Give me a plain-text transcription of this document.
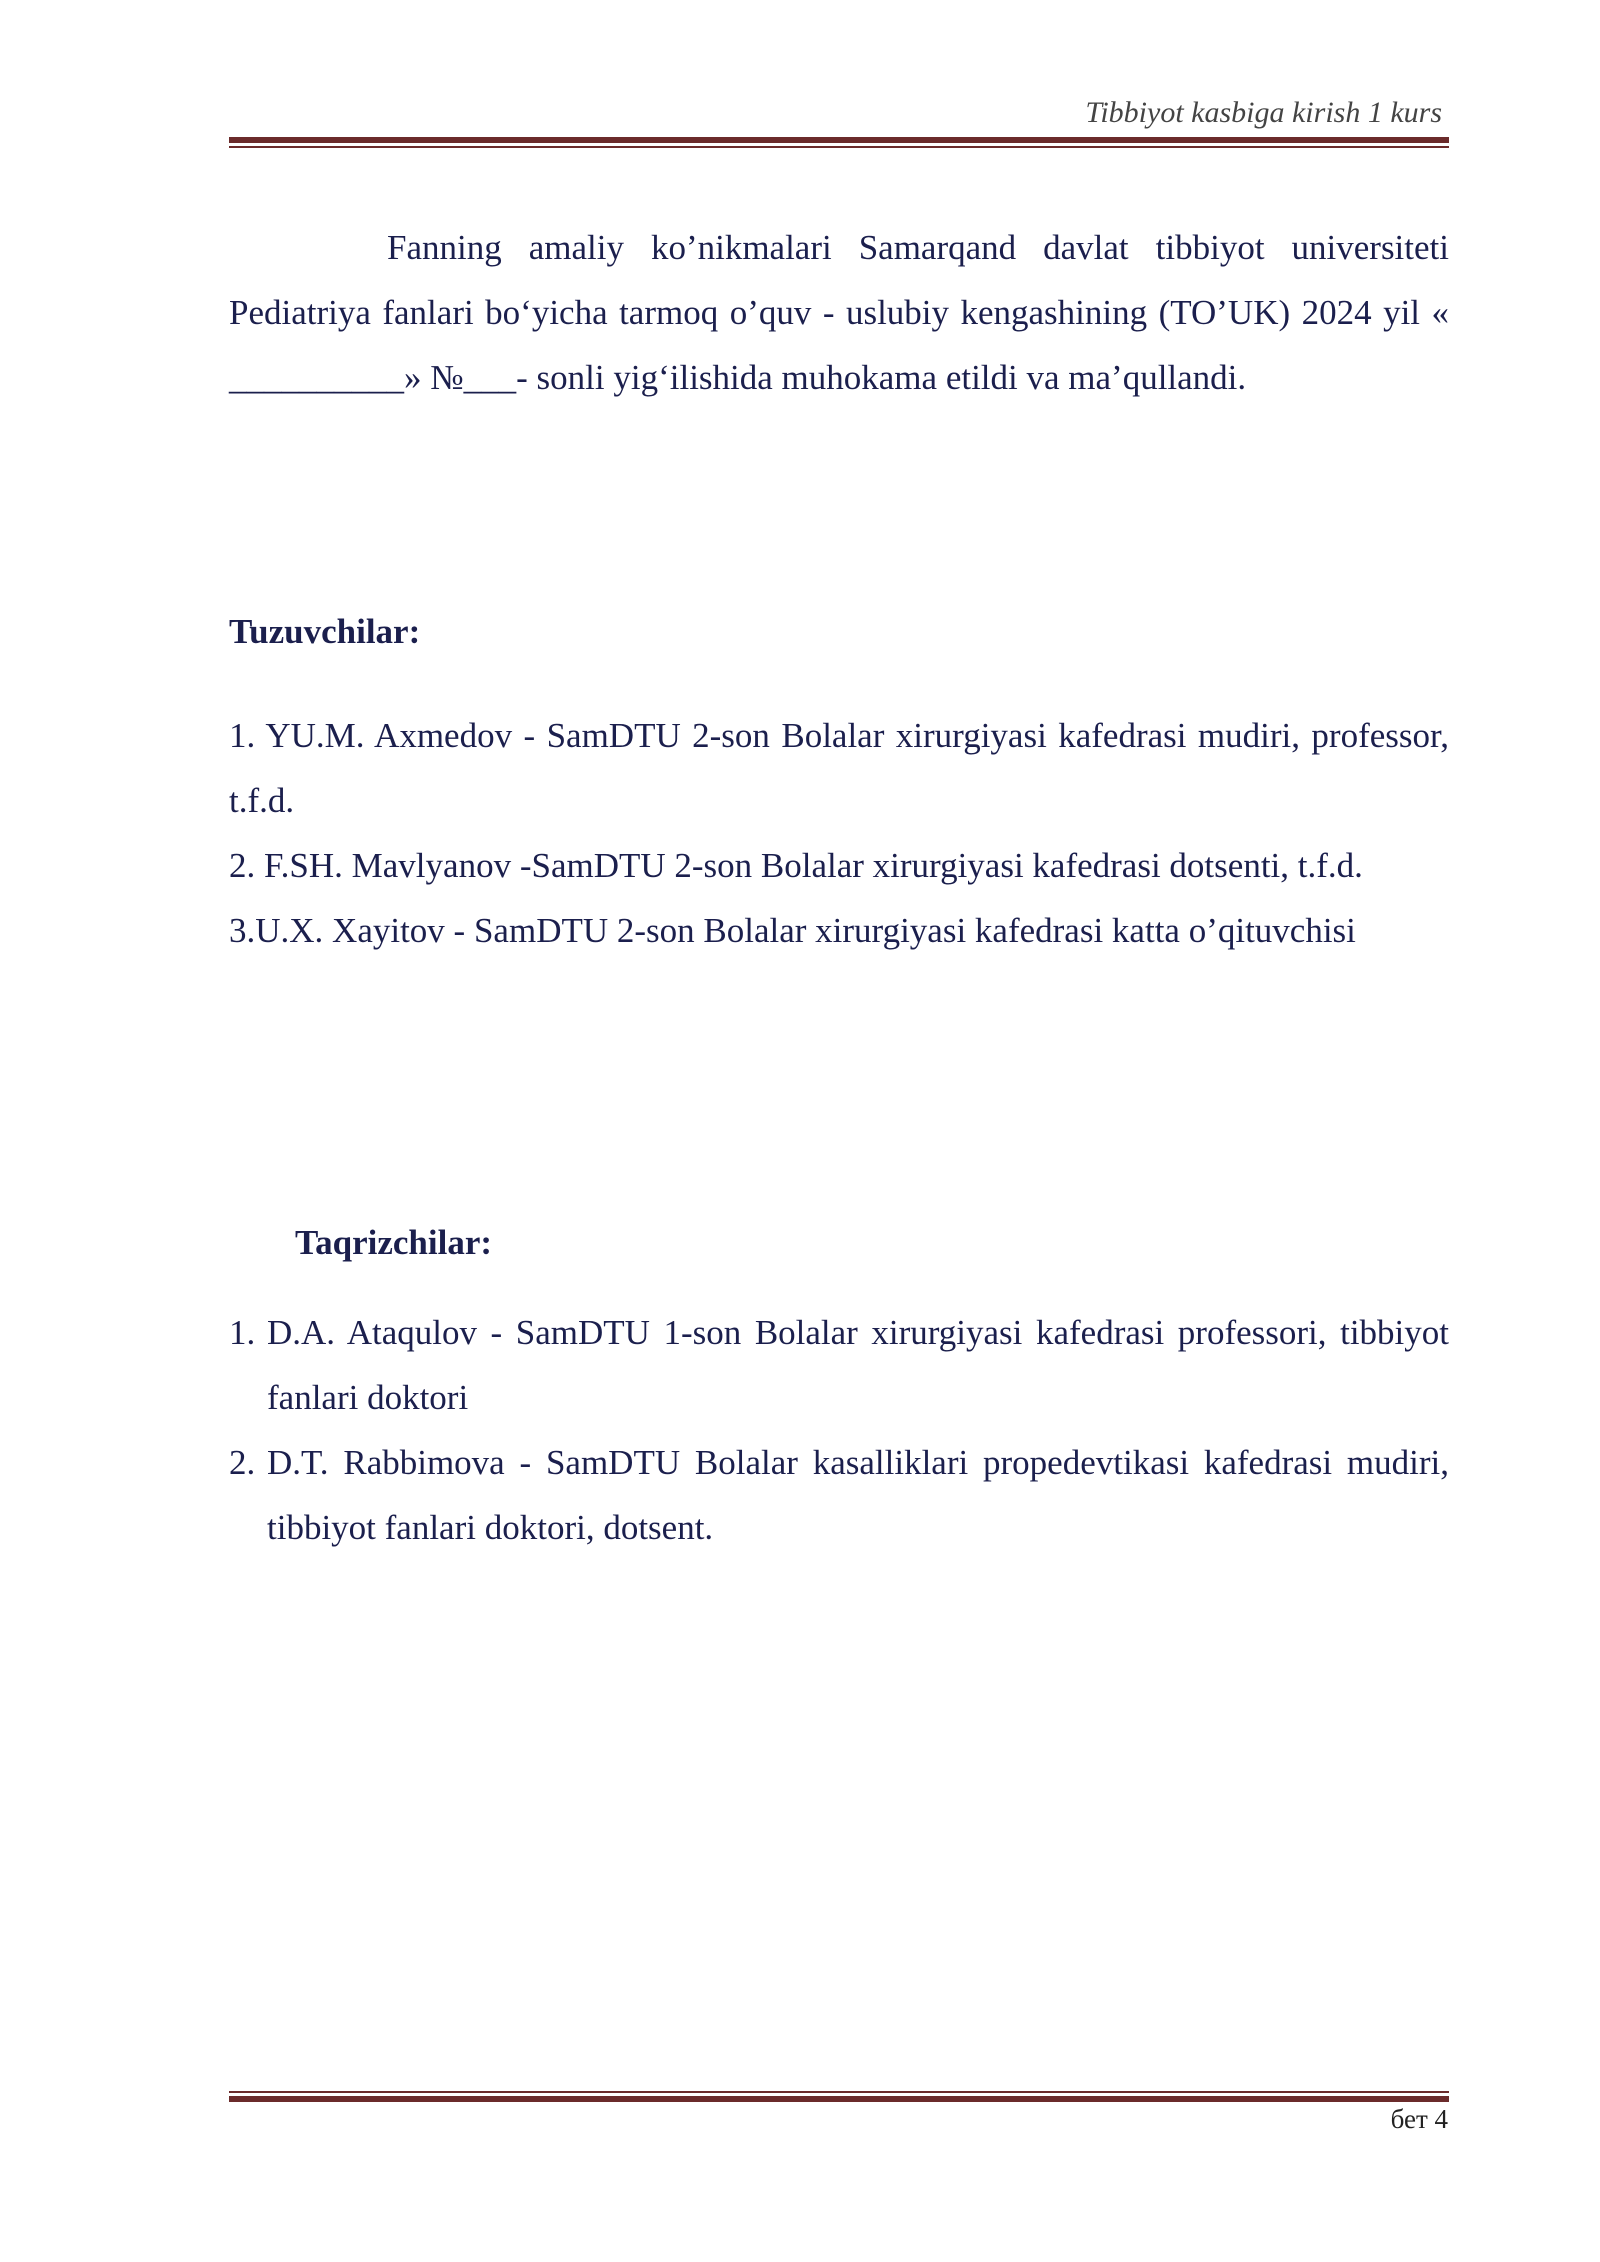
Tibbiyot kasbiga kirish 1 kurs

Fanning amaliy ko’nikmalari Samarqand davlat tibbiyot universiteti Pediatriya fanlari bo‘yicha tarmoq o’quv - uslubiy kengashining (TO’UK) 2024 yil « __________» №___- sonli yig‘ilishida muhokama etildi va ma’qullandi.

Tuzuvchilar:

1. YU.M. Axmedov - SamDTU 2-son Bolalar xirurgiyasi kafedrasi mudiri, professor, t.f.d.

2. F.SH. Mavlyanov -SamDTU 2-son Bolalar xirurgiyasi kafedrasi dotsenti, t.f.d.

3.U.X. Xayitov - SamDTU 2-son Bolalar xirurgiyasi kafedrasi katta o’qituvchisi

Taqrizchilar:

1. D.A. Ataqulov - SamDTU 1-son Bolalar xirurgiyasi kafedrasi professori, tibbiyot fanlari doktori

2. D.T. Rabbimova - SamDTU Bolalar kasalliklari propedevtikasi kafedrasi mudiri, tibbiyot fanlari doktori, dotsent.

бет 4
